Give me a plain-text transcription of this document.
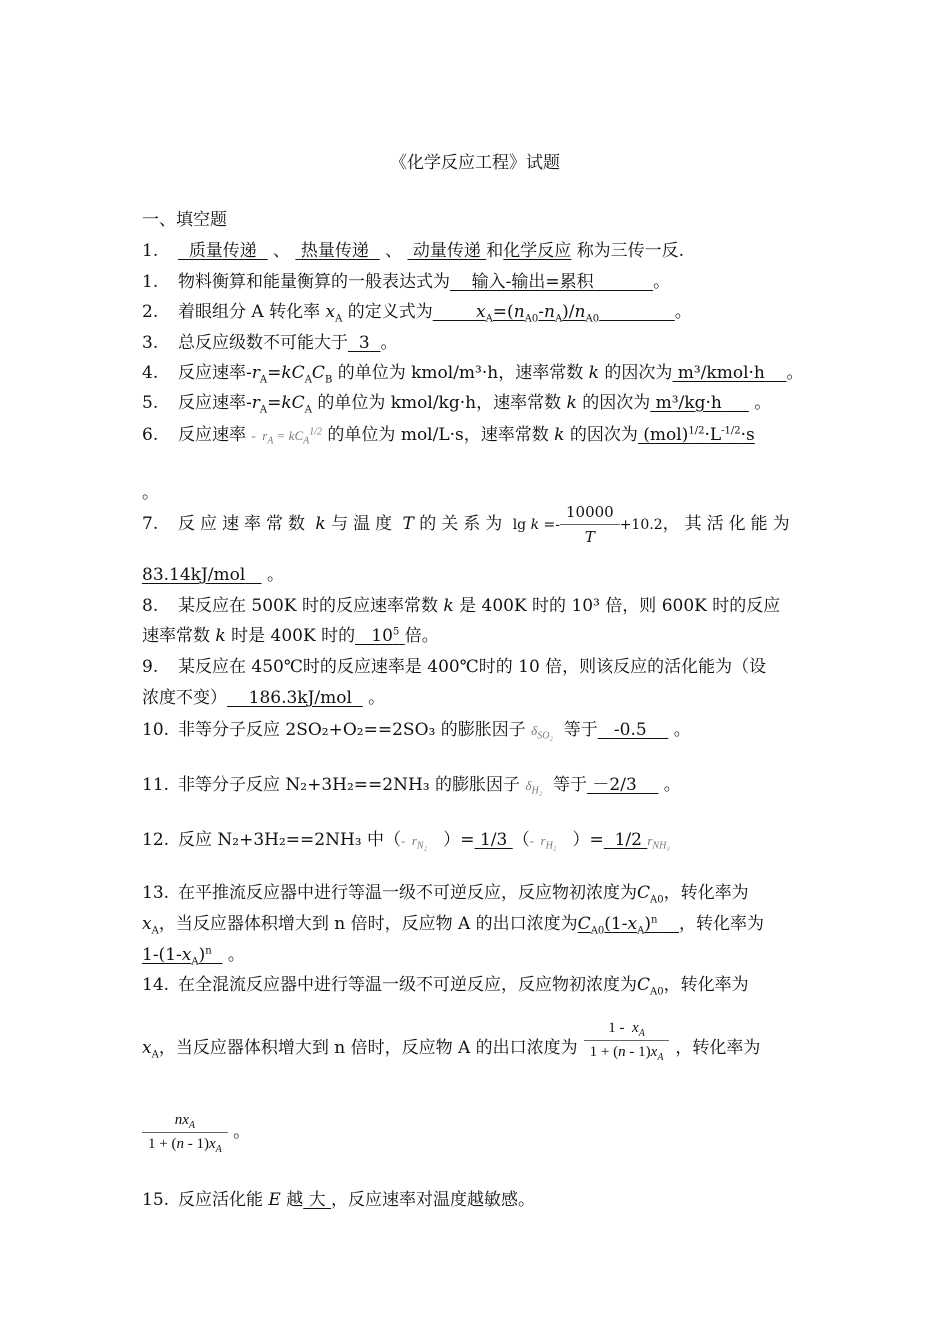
《化学反应工程》试题
一、填空题
1. 质量传递 、 热量传递 、 动量传递 和化学反应 称为三传一反.
1. 物料衡算和能量衡算的一般表达式为 输入-输出=累积	。
2. 着眼组分 A 转化率 $x_A$ 的定义式为	$x_A=(n_{A0}-n_A)/n_{A0}$	。
3. 总反应级数不可能大于 3 。
4. 反应速率$-r_A=kC_AC_B$ 的单位为 kmol/m³·h，速率常数 k 的因次为 m³/kmol·h 。
5. 反应速率$-r_A=kC_A$ 的单位为 kmol/kg·h，速率常数 k 的因次为 m³/kg·h 。
6. 反应速率 -  $r_A = kC_A^{1/2}$ 的单位为 mol/L·s，速率常数 k 的因次为 $(mol)^{1/2}\cdot L^{-1/2}\cdot s$
。
7. 反应速率常数 k 与温度 T 的关系为 $\lg k =- \frac{10000}{T} +10.2$，其活化能为
83.14kJ/mol 。
8. 某反应在 500K 时的反应速率常数 k 是 400K 时的 10³ 倍，则 600K 时的反应
速率常数 k 时是 400K 时的   $10^5$ 倍。
9. 某反应在 450℃时的反应速率是 400℃时的 10 倍，则该反应的活化能为（设
浓度不变） 186.3kJ/mol 。
10. 非等分子反应 2SO₂+O₂==2SO₃ 的膨胀因子 $\delta_{SO_2}$ 等于 -0.5 。
11. 非等分子反应 N₂+3H₂==2NH₃ 的膨胀因子 $\delta_{H_2}$ 等于 －2/3 。
12. 反应 N₂+3H₂==2NH₃ 中（-  $r_{N_2}$   ）= 1/3 （-  $r_{H_2}$   ）= 1/2 $r_{NH_3}$
13. 在平推流反应器中进行等温一级不可逆反应，反应物初浓度为$C_{A0}$，转化率为
$x_A$，当反应器体积增大到 n 倍时，反应物 A 的出口浓度为$C_{A0}(1-x_A)^n$ ，转化率为
$1-(1-x_A)^n$ 。
14. 在全混流反应器中进行等温一级不可逆反应，反应物初浓度为$C_{A0}$，转化率为
$x_A$，当反应器体积增大到 n 倍时，反应物 A 的出口浓度为 $\frac{1 - x_A}{1 + (n - 1)x_A}$ ，转化率为
$\frac{nx_A}{1 + (n - 1)x_A}$ 。
15. 反应活化能 E 越 大 ，反应速率对温度越敏感。
